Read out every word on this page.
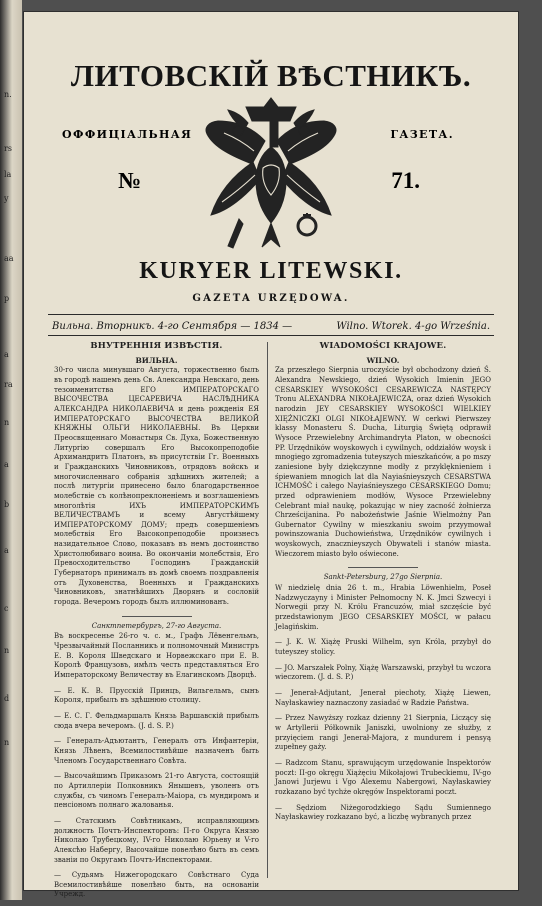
n.
rs
la
y
aa
p
a
ra
n
a
b
a
c
n
d
n
ЛИТОВСКІЙ ВѢСТНИКЪ.
ОФФИЦІАЛЬНАЯ	ГАЗЕТА.
№	71.
KURYER LITEWSKI.
GAZETA URZĘDOWA.
Вильна. Вторникъ. 4-го Сентября — 1834 —	Wilno. Wtorek. 4-go Września.
ВНУТРЕННІЯ ИЗВѢСТІЯ.
ВИЛЬНА.
30-го числа минувшаго Августа, торжественно былъ въ городѣ нашемъ день Св. Александра Невскаго, день тезоименитства ЕГО ИМПЕРАТОРСКАГО ВЫСОЧЕСТВА ЦЕСАРЕВИЧА НАСЛѢДНИКА АЛЕКСАНДРА НИКОЛАЕВИЧА и день рожденія ЕЯ ИМПЕРАТОРСКАГО ВЫСОЧЕСТВА ВЕЛИКОЙ КНЯЖНЫ ОЛЬГИ НИКОЛАЕВНЫ. Въ Церкви Преосвященнаго Монастыря Св. Духа, Божественную Литургію совершалъ Его Высокопреподобіе Архимандритъ Платонъ, въ присутствіи Гг. Военныхъ и Гражданскихъ Чиновниковъ, отрядовъ войскъ и многочисленнаго собранія здѣшнихъ жителей; а послѣ литургіи принесено было благодарственное молебствіе съ колѣнопреклоненіемъ и возглашеніемъ многолѣтія ИХЪ ИМПЕРАТОРСКИМЪ ВЕЛИЧЕСТВАМЪ и всему Августѣйшему ИМПЕРАТОРСКОМУ ДОМУ; предъ совершеніемъ молебствія Его Высокопреподобіе произнесъ назидательное Слово, показавъ въ немъ достоинство Христолюбиваго воина. Во окончаніи молебствія, Его Превосходительство Господинъ Гражданскій Губернаторъ принималъ въ домѣ своемъ поздравленія отъ Духовенства, Военныхъ и Гражданскихъ Чиновниковъ, знатнѣйшихъ Дворянъ и сословій города. Вечеромъ городъ былъ иллюминованъ.
Санктпетербургъ, 27-го Августа.
Въ воскресенье 26-го ч. с. м., Графъ Лёвенгельмъ, Чрезвычайный Посланникъ и полномочный Министръ Е. В. Короля Шведскаго и Норвежскаго при Е. В. Королѣ Французовъ, имѣлъ честь представляться Его Императорскому Величеству въ Елагинскомъ Дворцѣ.
— Е. К. В. Прусскій Принцъ, Вильгельмъ, сынъ Короля, прибылъ въ здѣшнюю столицу.
— Е. С. Г. Фельдмаршалъ Князь Варшавскій прибылъ сюда вчера вечеромъ. (J. d. S. P.)
— Генералъ-Адъютантъ, Генералъ отъ Инфантеріи, Князь Лѣвенъ, Всемилостивѣйше назначенъ быть Членомъ Государственнаго Совѣта.
— Высочайшимъ Приказомъ 21-го Августа, состоящій по Артиллеріи Полковникъ Янышевъ, уволенъ отъ службы, съ чиномъ Генералъ-Маіора, съ мундиромъ и пенсіономъ полнаго жалованья.
— Статскимъ Совѣтникамъ, исправляющимъ должность Почтъ-Инспекторовъ: П-го Округа Князю Николаю Трубецкому, IV-го Николаю Юрьеву и V-го Алексѣю Набергу, Высочайше повелѣно быть въ семъ званіи по Округамъ Почтъ-Инспекторами.
— Судьямъ Нижегородскаго Совѣстнаго Суда Всемилостивѣйше повелѣно быть, на основаніи Учрежд.
WIADOMOŚCI KRAJOWE.
WILNO.
Za przeszłego Sierpnia uroczyście był obchodzony dzień Ś. Alexandra Newskiego, dzień Wysokich Imienin JEGO CESARSKIEY WYSOKOŚCI CESAREWICZA NASTĘPCY Tronu ALEXANDRA NIKOŁAJEWICZA, oraz dzień Wysokich narodzin JEY CESARSKIEY WYSOKOŚCI WIELKIEY XIĘŻNICZKI OLGI NIKOŁAJEWNY. W cerkwi Pierwszey klassy Monasteru Ś. Ducha, Liturgią Świętą odprawił Wysoce Przewielebny Archimandryta Platon, w obecności PP. Urzędników woyskowych i cywilnych, oddziałów woysk i mnogiego zgromadzenia tuteyszych mieszkańców, a po mszy zaniesione były dziękczynne modły z przyklęknieniem i śpiewaniem mnogich lat dla Nayiaśnieyszych CESARSTWA ICHMOŚĆ i całego Nayiaśnieyszego CESARSKIEGO Domu; przed odprawieniem modłów, Wysoce Przewielebny Celebrant miał naukę, pokazując w niey zacność żołnierza Chrześcijanina. Po nabożeństwie Jaśnie Wielmożny Pan Gubernator Cywilny w mieszkaniu swoim przyymował powinszowania Duchowieństwa, Urzędników cywilnych i woyskowych, znacznieyszych Obywateli i stanów miasta. Wieczorem miasto było oświecone.
Sankt-Petersburg, 27go Sierpnia.
W niedzielę dnia 26 t. m., Hrabia Löwenhielm, Poseł Nadzwyczayny i Minister Pełnomocny N. K. Jmci Szwecyi i Norwegii przy N. Królu Francuzów, miał szczęście być przedstawionym JEGO CESARSKIEY MOŚCI, w pałacu Jelagińskim.
— J. K. W. Xiążę Pruski Wilhelm, syn Króla, przybył do tuteyszey stolicy.
— JO. Marszałek Polny, Xiążę Warszawski, przybył tu wczora wieczorem. (J. d. S. P.)
— Jenerał-Adjutant, Jenerał piechoty, Xiążę Liewen, Nayłaskawiey naznaczony zasiadać w Radzie Państwa.
— Przez Nawyższy rozkaz dzienny 21 Sierpnia, Liczący się w Artyllerii Półkownik Janiszki, uwolniony ze służby, z przyięciem rangi Jenerał-Majora, z mundurem i pensyą zupełney gaży.
— Radzcom Stanu, sprawującym urzędowanie Inspektorów poczt: II-go okręgu Xiążęciu Mikołajowi Trubeckiemu, IV-go Janowi Jurjewu i Vgo Alexemu Nabergowi, Nayłaskawiey rozkazano być tychże okręgów Inspektorami poczt.
— Sędziom Niżegorodzkiego Sądu Sumiennego Nayłaskawiey rozkazano być, a liczbę wybranych przez
